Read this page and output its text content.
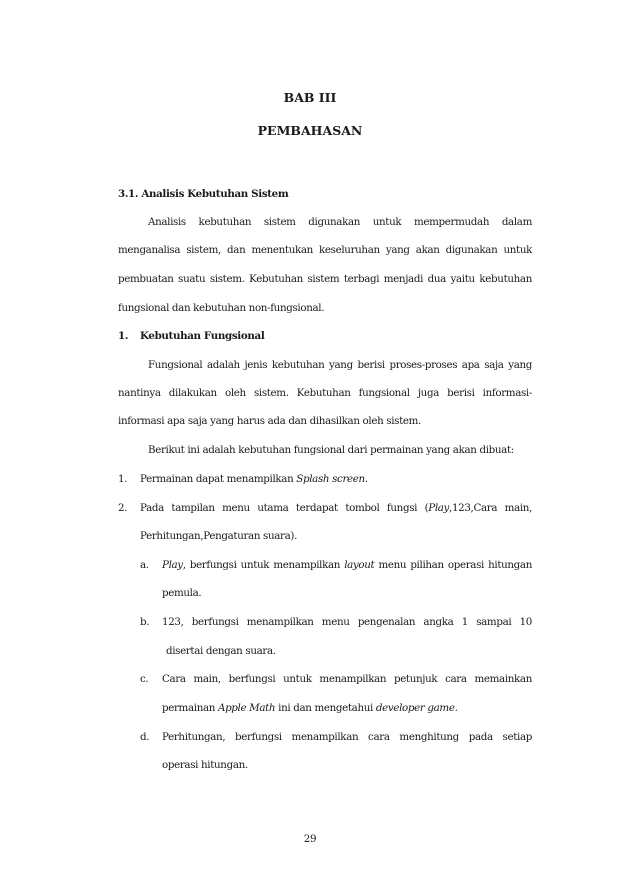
BAB III
PEMBAHASAN
3.1. Analisis Kebutuhan Sistem
Analisis kebutuhan sistem digunakan untuk mempermudah dalam
menganalisa sistem, dan menentukan keseluruhan yang akan digunakan untuk
pembuatan suatu sistem. Kebutuhan sistem terbagi menjadi dua yaitu kebutuhan
fungsional dan kebutuhan non-fungsional.
1. Kebutuhan Fungsional
Fungsional adalah jenis kebutuhan yang berisi proses-proses apa saja yang
nantinya dilakukan oleh sistem. Kebutuhan fungsional juga berisi informasi-
informasi apa saja yang harus ada dan dihasilkan oleh sistem.
Berikut ini adalah kebutuhan fungsional dari permainan yang akan dibuat:
1. Permainan dapat menampilkan Splash screen.
2. Pada tampilan menu utama terdapat tombol fungsi (Play,123,Cara main,
Perhitungan,Pengaturan suara).
a. Play, berfungsi untuk menampilkan layout menu pilihan operasi hitungan
pemula.
b. 123, berfungsi menampilkan menu pengenalan angka 1 sampai 10
disertai dengan suara.
c. Cara main, berfungsi untuk menampilkan petunjuk cara memainkan
permainan Apple Math ini dan mengetahui developer game.
d. Perhitungan, berfungsi menampilkan cara menghitung pada setiap
operasi hitungan.
29
